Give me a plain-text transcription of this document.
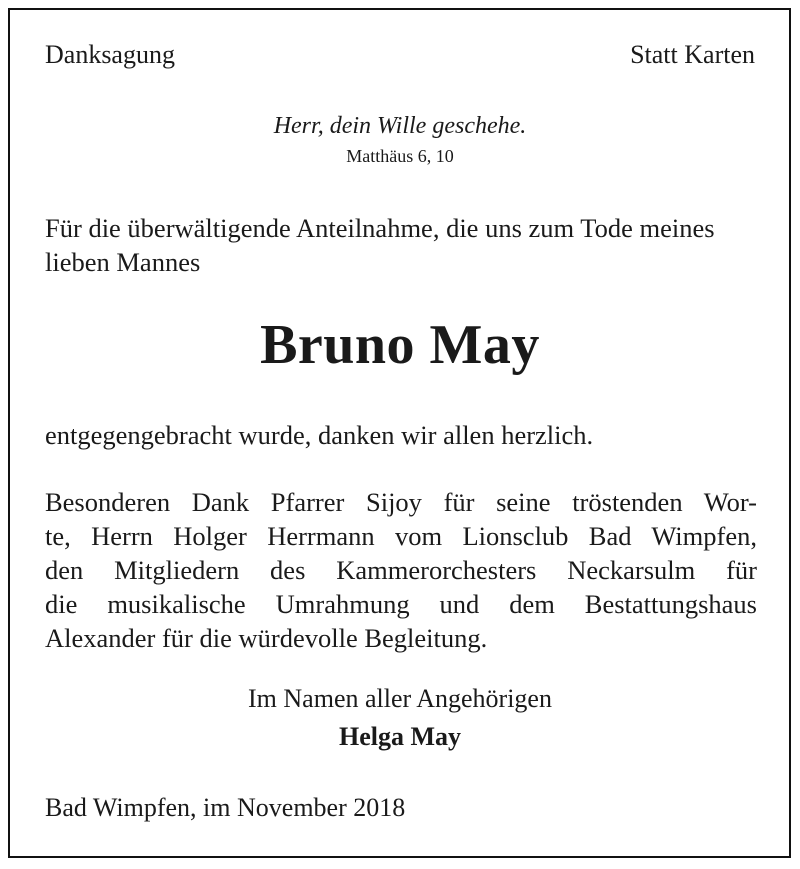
Danksagung	Statt Karten
Herr, dein Wille geschehe.
Matthäus 6, 10
Für die überwältigende Anteilnahme, die uns zum Tode meines lieben Mannes
Bruno May
entgegengebracht wurde, danken wir allen herzlich.
Besonderen Dank Pfarrer Sijoy für seine tröstenden Wor-
te, Herrn Holger Herrmann vom Lionsclub Bad Wimpfen,
den Mitgliedern des Kammerorchesters Neckarsulm für
die musikalische Umrahmung und dem Bestattungshaus
Alexander für die würdevolle Begleitung.
Im Namen aller Angehörigen
Helga May
Bad Wimpfen, im November 2018
